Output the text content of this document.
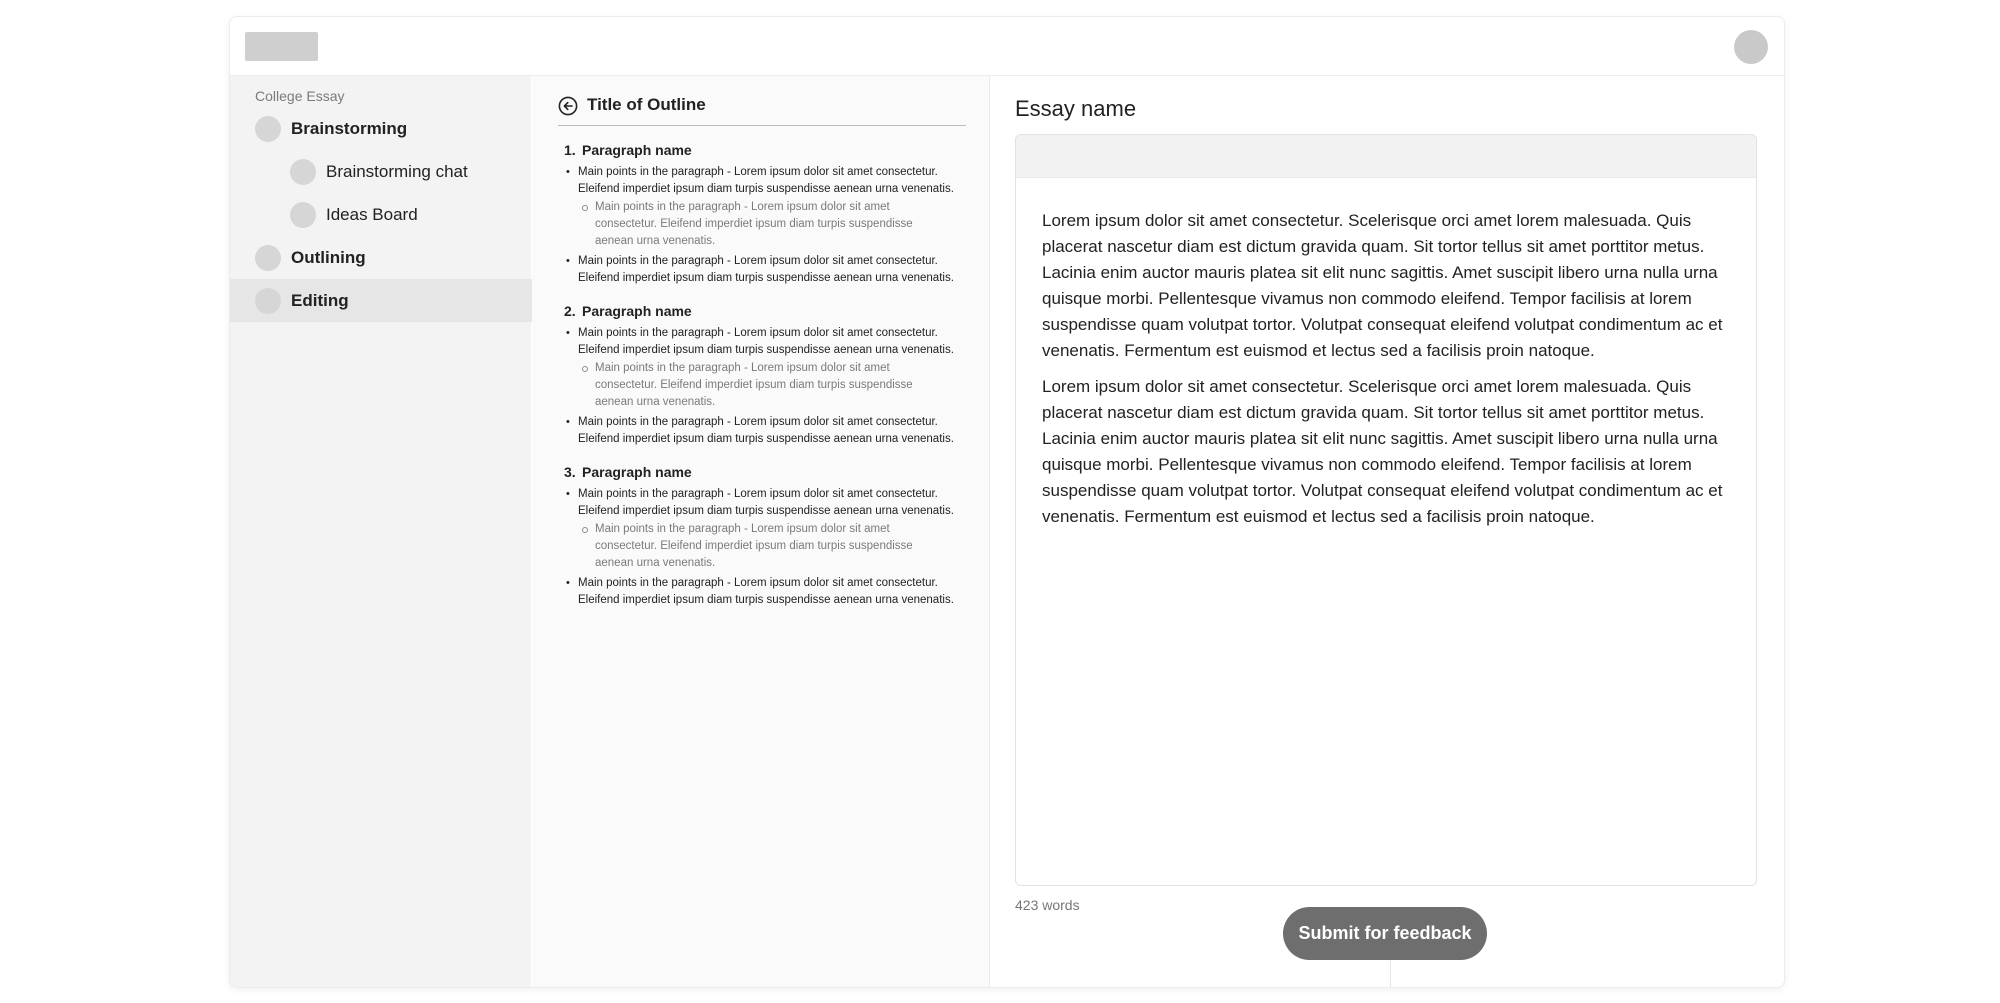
College Essay
Brainstorming
Brainstorming chat
Ideas Board
Outlining
Editing
Title of Outline
1. Paragraph name
• Main points in the paragraph - Lorem ipsum dolor sit amet consectetur. Eleifend imperdiet ipsum diam turpis suspendisse aenean urna venenatis.
Main points in the paragraph - Lorem ipsum dolor sit amet consectetur. Eleifend imperdiet ipsum diam turpis suspendisse aenean urna venenatis.
• Main points in the paragraph - Lorem ipsum dolor sit amet consectetur. Eleifend imperdiet ipsum diam turpis suspendisse aenean urna venenatis.
2. Paragraph name
• Main points in the paragraph - Lorem ipsum dolor sit amet consectetur. Eleifend imperdiet ipsum diam turpis suspendisse aenean urna venenatis.
Main points in the paragraph - Lorem ipsum dolor sit amet consectetur. Eleifend imperdiet ipsum diam turpis suspendisse aenean urna venenatis.
• Main points in the paragraph - Lorem ipsum dolor sit amet consectetur. Eleifend imperdiet ipsum diam turpis suspendisse aenean urna venenatis.
3. Paragraph name
• Main points in the paragraph - Lorem ipsum dolor sit amet consectetur. Eleifend imperdiet ipsum diam turpis suspendisse aenean urna venenatis.
Main points in the paragraph - Lorem ipsum dolor sit amet consectetur. Eleifend imperdiet ipsum diam turpis suspendisse aenean urna venenatis.
• Main points in the paragraph - Lorem ipsum dolor sit amet consectetur. Eleifend imperdiet ipsum diam turpis suspendisse aenean urna venenatis.
Essay name

Lorem ipsum dolor sit amet consectetur. Scelerisque orci amet lorem malesuada. Quis placerat nascetur diam est dictum gravida quam. Sit tortor tellus sit amet porttitor metus. Lacinia enim auctor mauris platea sit elit nunc sagittis. Amet suscipit libero urna nulla urna quisque morbi. Pellentesque vivamus non commodo eleifend. Tempor facilisis at lorem suspendisse quam volutpat tortor. Volutpat consequat eleifend volutpat condimentum ac et venenatis. Fermentum est euismod et lectus sed a facilisis proin natoque.

Lorem ipsum dolor sit amet consectetur. Scelerisque orci amet lorem malesuada. Quis placerat nascetur diam est dictum gravida quam. Sit tortor tellus sit amet porttitor metus. Lacinia enim auctor mauris platea sit elit nunc sagittis. Amet suscipit libero urna nulla urna quisque morbi. Pellentesque vivamus non commodo eleifend. Tempor facilisis at lorem suspendisse quam volutpat tortor. Volutpat consequat eleifend volutpat condimentum ac et venenatis. Fermentum est euismod et lectus sed a facilisis proin natoque.

423 words
Submit for feedback
